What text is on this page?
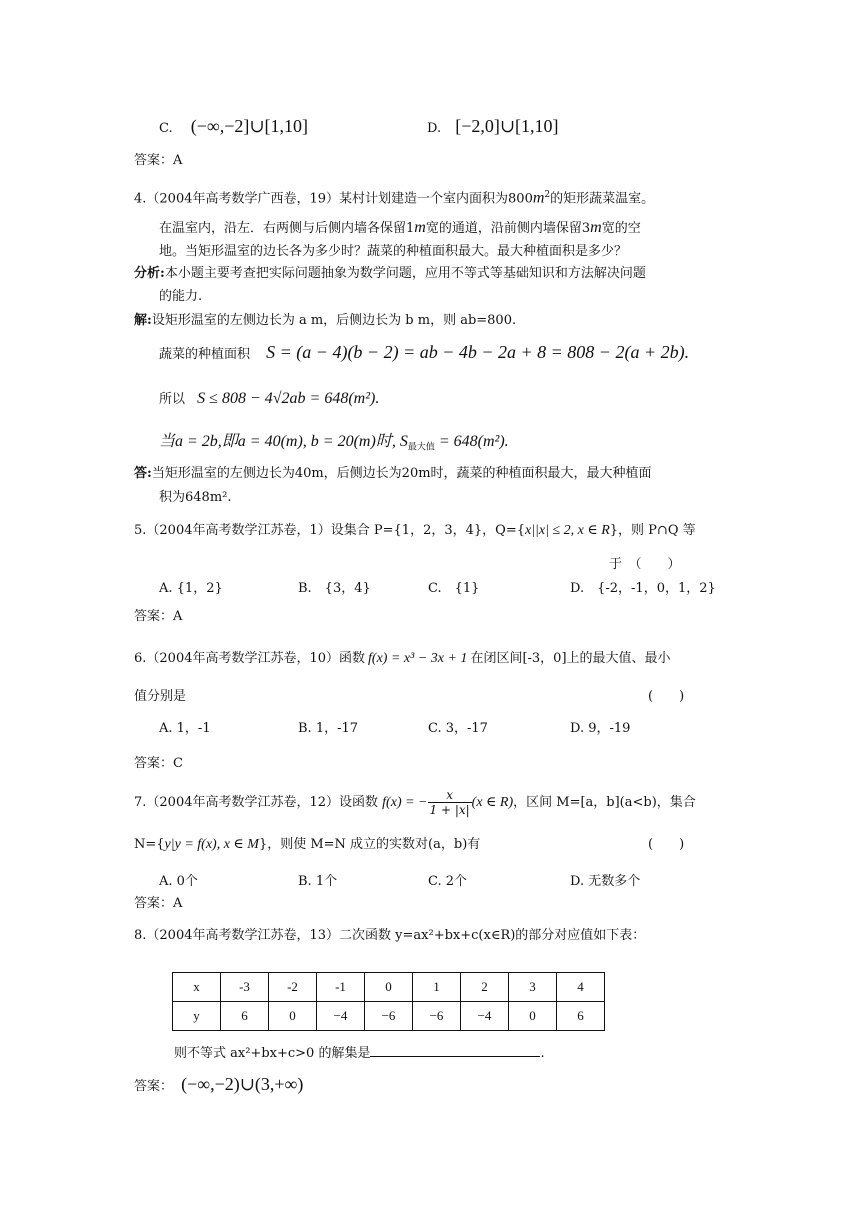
C. (−∞,−2]∪[1,10]	D. [−2,0]∪[1,10]
答案：A
4.（2004年高考数学广西卷，19）某村计划建造一个室内面积为$800m^2$的矩形蔬菜温室。
在温室内，沿左．右两侧与后侧内墙各保留1m宽的通道，沿前侧内墙保留3m宽的空
地。当矩形温室的边长各为多少时？蔬菜的种植面积最大。最大种植面积是多少？
分析:本小题主要考查把实际问题抽象为数学问题，应用不等式等基础知识和方法解决问题
的能力.
解:设矩形温室的左侧边长为 a m，后侧边长为 b m，则 ab=800.
蔬菜的种植面积 S = (a − 4)(b − 2) = ab − 4b − 2a + 8 = 808 − 2(a + 2b).
所以 S ≤ 808 − 4√2ab = 648(m²).
当a = 2b,即a = 40(m), b = 20(m)时, $S_{最大值} = 648(m^2)$.
答:当矩形温室的左侧边长为40m，后侧边长为20m时，蔬菜的种植面积最大，最大种植面
积为648m².
5.（2004年高考数学江苏卷，1）设集合 P={1，2，3，4}，Q={x||x| ≤ 2, x ∈ R}，则 P∩Q 等
于　（　　）
A. {1，2}	B.　{3，4}	C.　{1}	D.　{-2，-1，0，1，2}
答案：A
6.（2004年高考数学江苏卷，10）函数 f(x) = x³ − 3x + 1 在闭区间[-3，0]上的最大值、最小
值分别是	(　　)
A. 1，-1	B. 1，-17	C. 3，-17	D. 9，-19
答案：C
7.（2004年高考数学江苏卷，12）设函数 f(x) = − $\frac{x}{1 + |x|} (x$ ∈ R)，区间 M=[a，b](a<b)，集合
N={y|y = f(x), x ∈ M}，则使 M=N 成立的实数对(a，b)有	(　　)
A. 0个	B. 1个	C. 2个	D. 无数多个
答案：A
8.（2004年高考数学江苏卷，13）二次函数 y=ax²+bx+c(x∈R)的部分对应值如下表：
x	-3	-2	-1	0	1	2	3	4
y	6	0	−4	−6	−6	−4	0	6
则不等式 ax²+bx+c>0 的解集是	.
答案： (−∞,−2)∪(3,+∞)
